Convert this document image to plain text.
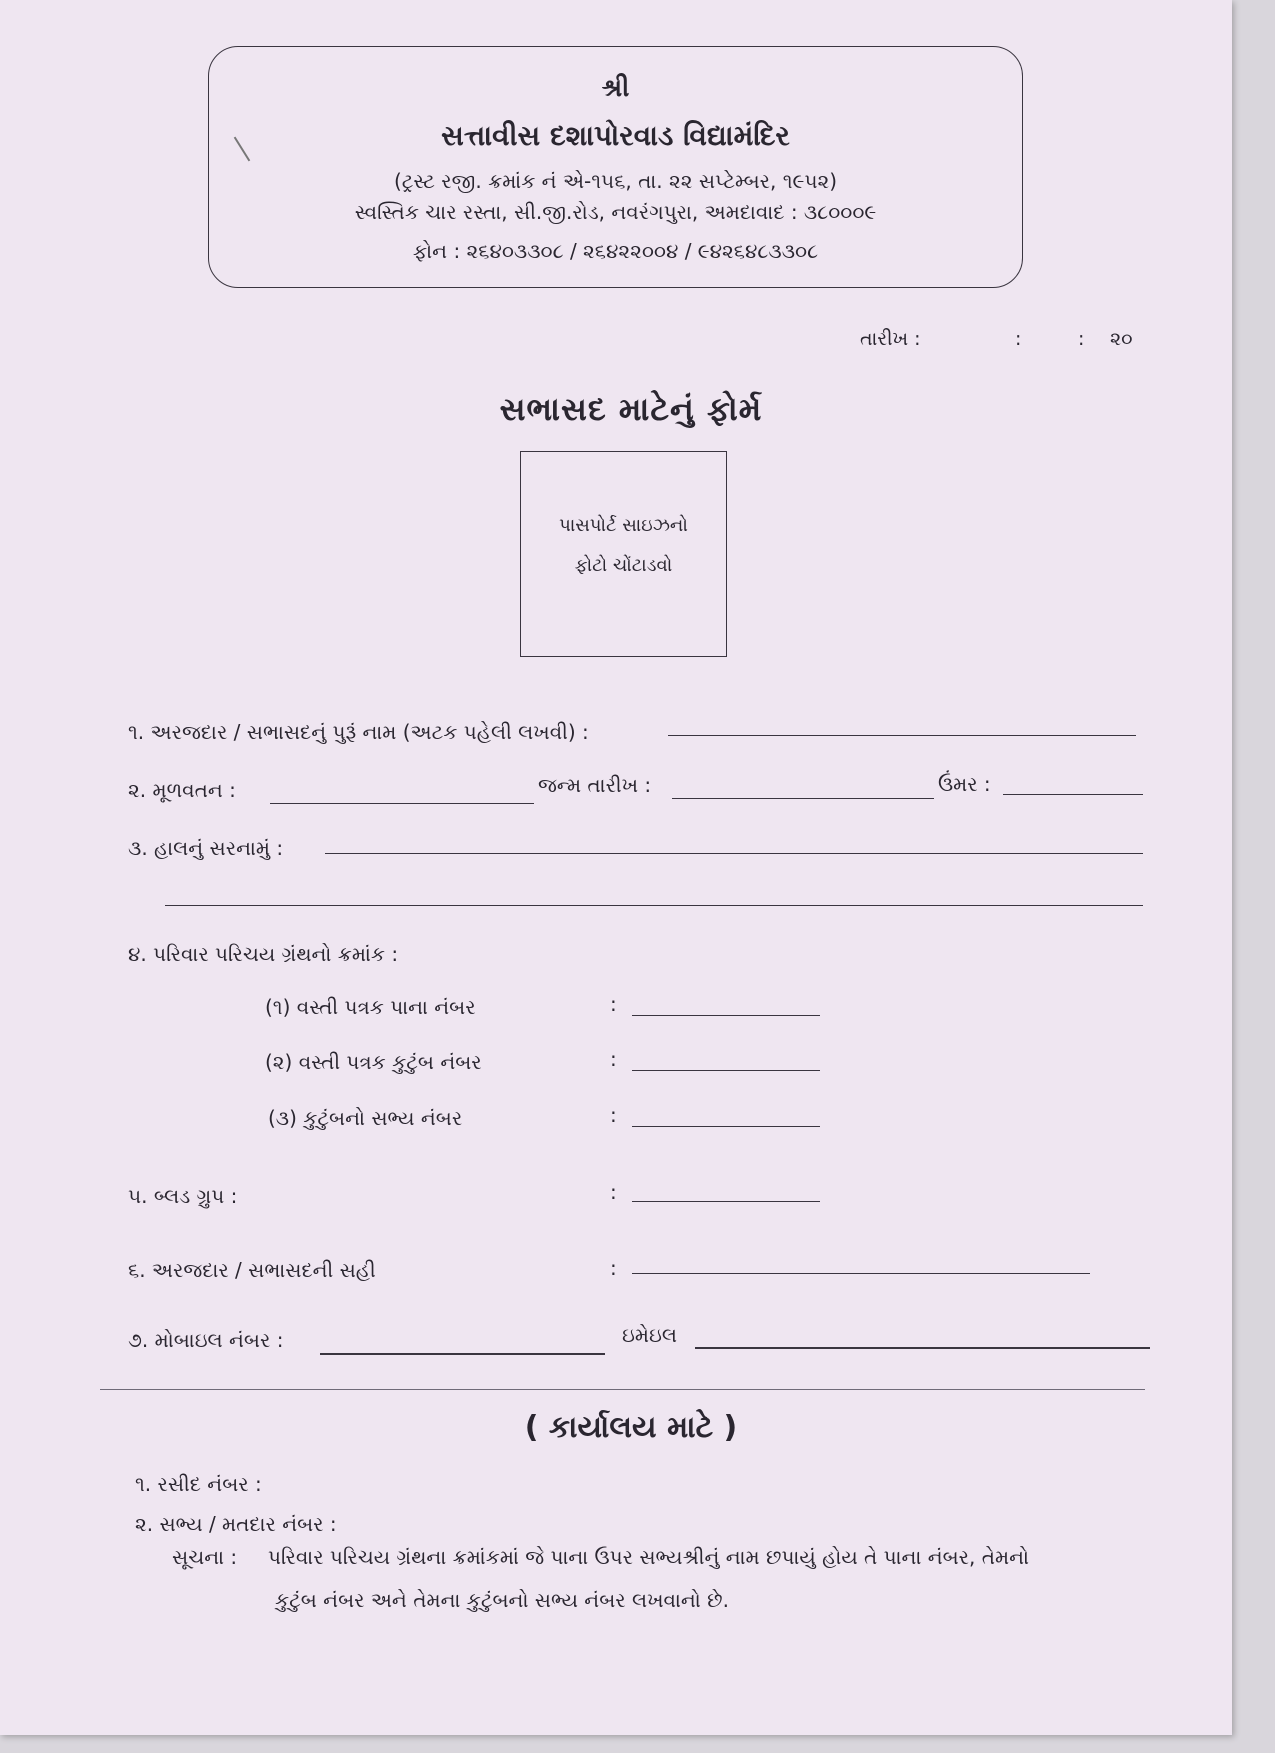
શ્રી
સત્તાવીસ દશાપોરવાડ વિદ્યામંદિર
(ટ્રસ્ટ રજી. ક્રમાંક નં એ-૧૫૬, તા. ૨૨ સપ્ટેમ્બર, ૧૯૫૨)
સ્વસ્તિક ચાર રસ્તા, સી.જી.રોડ, નવરંગપુરા, અમદાવાદ : ૩૮૦૦૦૯
ફોન : ૨૬૪૦૩૩૦૮ / ૨૬૪૨૨૦૦૪ / ૯૪૨૬૪૮૩૩૦૮
તારીખ :	:	: ૨૦
સભાસદ માટેનું ફોર્મ
પાસપોર્ટ સાઇઝનો
ફોટો ચોંટાડવો
૧. અરજદાર / સભાસદનું પુરૂં નામ (અટક પહેલી લખવી) :
૨. મૂળવતન :	જન્મ તારીખ :	ઉંમર :
૩. હાલનું સરનામું :
૪. પરિવાર પરિચય ગ્રંથનો ક્રમાંક :
(૧) વસ્તી પત્રક પાના નંબર	:
(૨) વસ્તી પત્રક કુટુંબ નંબર	:
(૩) કુટુંબનો સભ્ય નંબર	:
૫. બ્લડ ગ્રુપ :	:
૬. અરજદાર / સભાસદની સહી	:
૭. મોબાઇલ નંબર :	ઇમેઇલ
( કાર્યાલય માટે )
૧. રસીદ નંબર :
૨. સભ્ય / મતદાર નંબર :
સૂચના : પરિવાર પરિચય ગ્રંથના ક્રમાંકમાં જે પાના ઉપર સભ્યશ્રીનું નામ છપાયું હોય તે પાના નંબર, તેમનો
કુટુંબ નંબર અને તેમના કુટુંબનો સભ્ય નંબર લખવાનો છે.
